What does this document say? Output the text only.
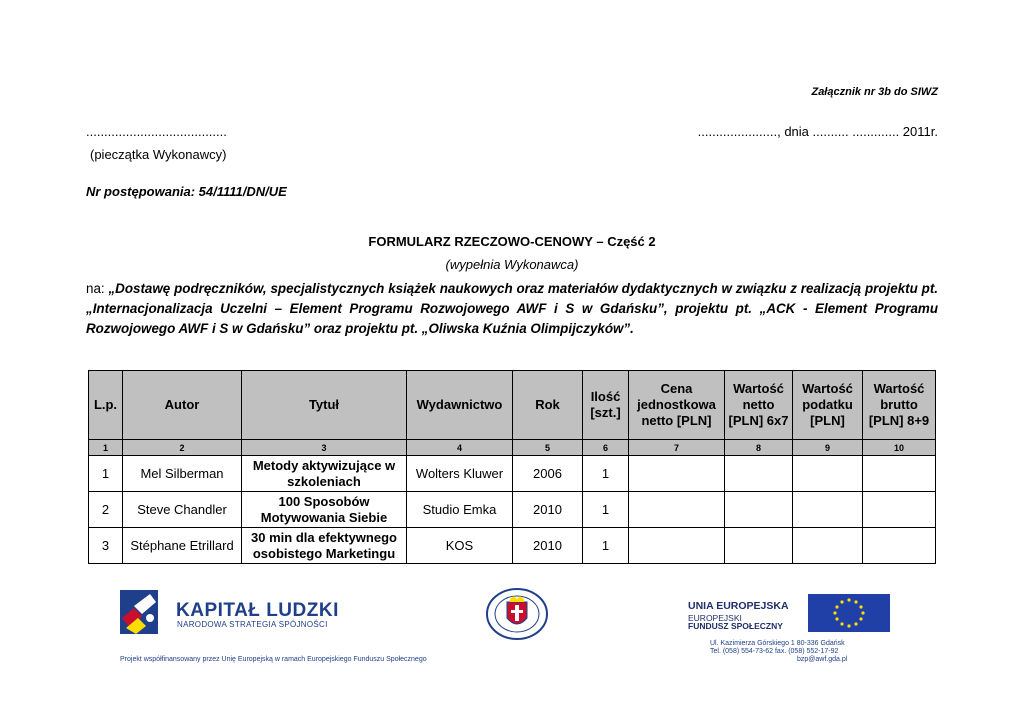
Załącznik nr 3b do SIWZ
.......................................	......................, dnia .......... ............. 2011r.
(pieczątka Wykonawcy)
Nr postępowania: 54/1111/DN/UE
FORMULARZ RZECZOWO-CENOWY – Część 2
(wypełnia Wykonawca)
na: „Dostawę podręczników, specjalistycznych książek naukowych oraz materiałów dydaktycznych w związku z realizacją projektu pt. „Internacjonalizacja Uczelni – Element Programu Rozwojowego AWF i S w Gdańsku”, projektu pt. „ACK - Element Programu Rozwojowego AWF i S w Gdańsku” oraz projektu pt. „Oliwska Kuźnia Olimpijczyków”.
L.p.	Autor	Tytuł	Wydawnictwo	Rok	Ilość [szt.]	Cena jednostkowa netto [PLN]	Wartość netto [PLN] 6x7	Wartość podatku [PLN]	Wartość brutto [PLN] 8+9
1	2	3	4	5	6	7	8	9	10
1	Mel Silberman	Metody aktywizujące w szkoleniach	Wolters Kluwer	2006	1				
2	Steve Chandler	100 Sposobów Motywowania Siebie	Studio Emka	2010	1				
3	Stéphane Etrillard	30 min dla efektywnego osobistego Marketingu	KOS	2010	1				
KAPITAŁ LUDZKI
NARODOWA STRATEGIA SPÓJNOŚCI
Projekt współfinansowany przez Unię Europejską w ramach Europejskiego Funduszu Społecznego
UNIA EUROPEJSKA
EUROPEJSKI
FUNDUSZ SPOŁECZNY
Ul. Kazimierza Górskiego 1 80-336 Gdańsk
Tel. (058) 554-73-62 fax. (058) 552-17-92
bzp@awf.gda.pl
